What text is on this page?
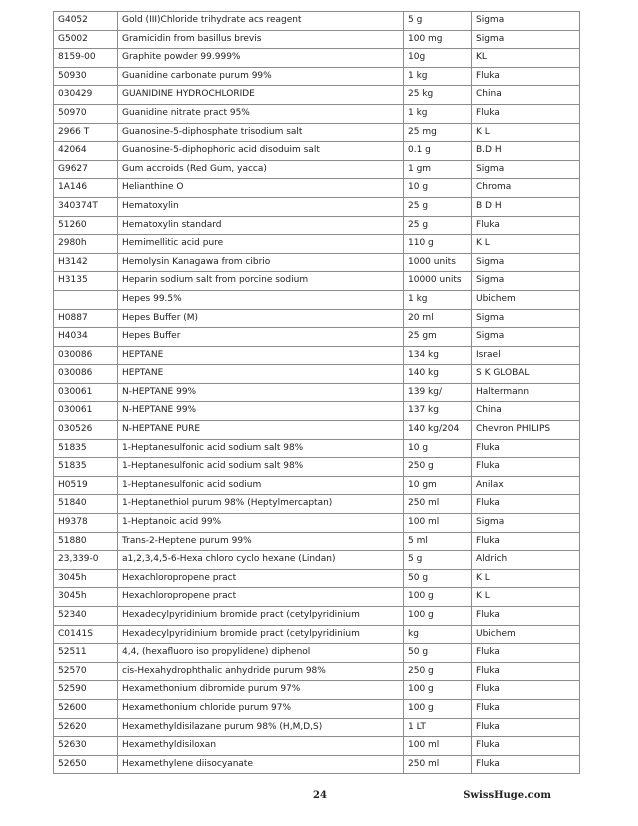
G4052	Gold (III)Chloride trihydrate acs reagent	5 g	Sigma
G5002	Gramicidin from basillus brevis	100 mg	Sigma
8159-00	Graphite powder 99.999%	10g	KL
50930	Guanidine carbonate purum 99%	1 kg	Fluka
030429	GUANIDINE HYDROCHLORIDE	25 kg	China
50970	Guanidine nitrate pract 95%	1 kg	Fluka
2966 T	Guanosine-5-diphosphate trisodium salt	25 mg	K L
42064	Guanosine-5-diphophoric acid disoduim salt	0.1 g	B.D H
G9627	Gum accroids (Red Gum, yacca)	1 gm	Sigma
1A146	Helianthine O	10 g	Chroma
340374T	Hematoxylin	25 g	B D H
51260	Hematoxylin standard	25 g	Fluka
2980h	Hemimellitic acid pure	110 g	K L
H3142	Hemolysin Kanagawa from cibrio	1000 units	Sigma
H3135	Heparin sodium salt from porcine sodium	10000 units	Sigma
	Hepes 99.5%	1 kg	Ubichem
H0887	Hepes Buffer (M)	20 ml	Sigma
H4034	Hepes Buffer	25 gm	Sigma
030086	HEPTANE	134 kg	Israel
030086	HEPTANE	140 kg	S K GLOBAL
030061	N-HEPTANE 99%	139 kg/	Haltermann
030061	N-HEPTANE 99%	137 kg	China
030526	N-HEPTANE PURE	140 kg/204	Chevron PHILIPS
51835	1-Heptanesulfonic acid sodium salt 98%	10 g	Fluka
51835	1-Heptanesulfonic acid sodium salt 98%	250 g	Fluka
H0519	1-Heptanesulfonic acid sodium	10 gm	Anilax
51840	1-Heptanethiol purum 98% (Heptylmercaptan)	250 ml	Fluka
H9378	1-Heptanoic acid 99%	100 ml	Sigma
51880	Trans-2-Heptene purum 99%	5 ml	Fluka
23,339-0	a1,2,3,4,5-6-Hexa chloro cyclo hexane (Lindan)	5 g	Aldrich
3045h	Hexachloropropene pract	50 g	K L
3045h	Hexachloropropene pract	100 g	K L
52340	Hexadecylpyridinium bromide pract (cetylpyridinium	100 g	Fluka
C0141S	Hexadecylpyridinium bromide pract (cetylpyridinium	kg	Ubichem
52511	4,4, (hexafluoro iso propylidene) diphenol	50 g	Fluka
52570	cis-Hexahydrophthalic anhydride purum 98%	250 g	Fluka
52590	Hexamethonium dibromide purum 97%	100 g	Fluka
52600	Hexamethonium chloride purum 97%	100 g	Fluka
52620	Hexamethyldisilazane purum 98% (H,M,D,S)	1 LT	Fluka
52630	Hexamethyldisiloxan	100 ml	Fluka
52650	Hexamethylene diisocyanate	250 ml	Fluka
24	SwissHuge.com
